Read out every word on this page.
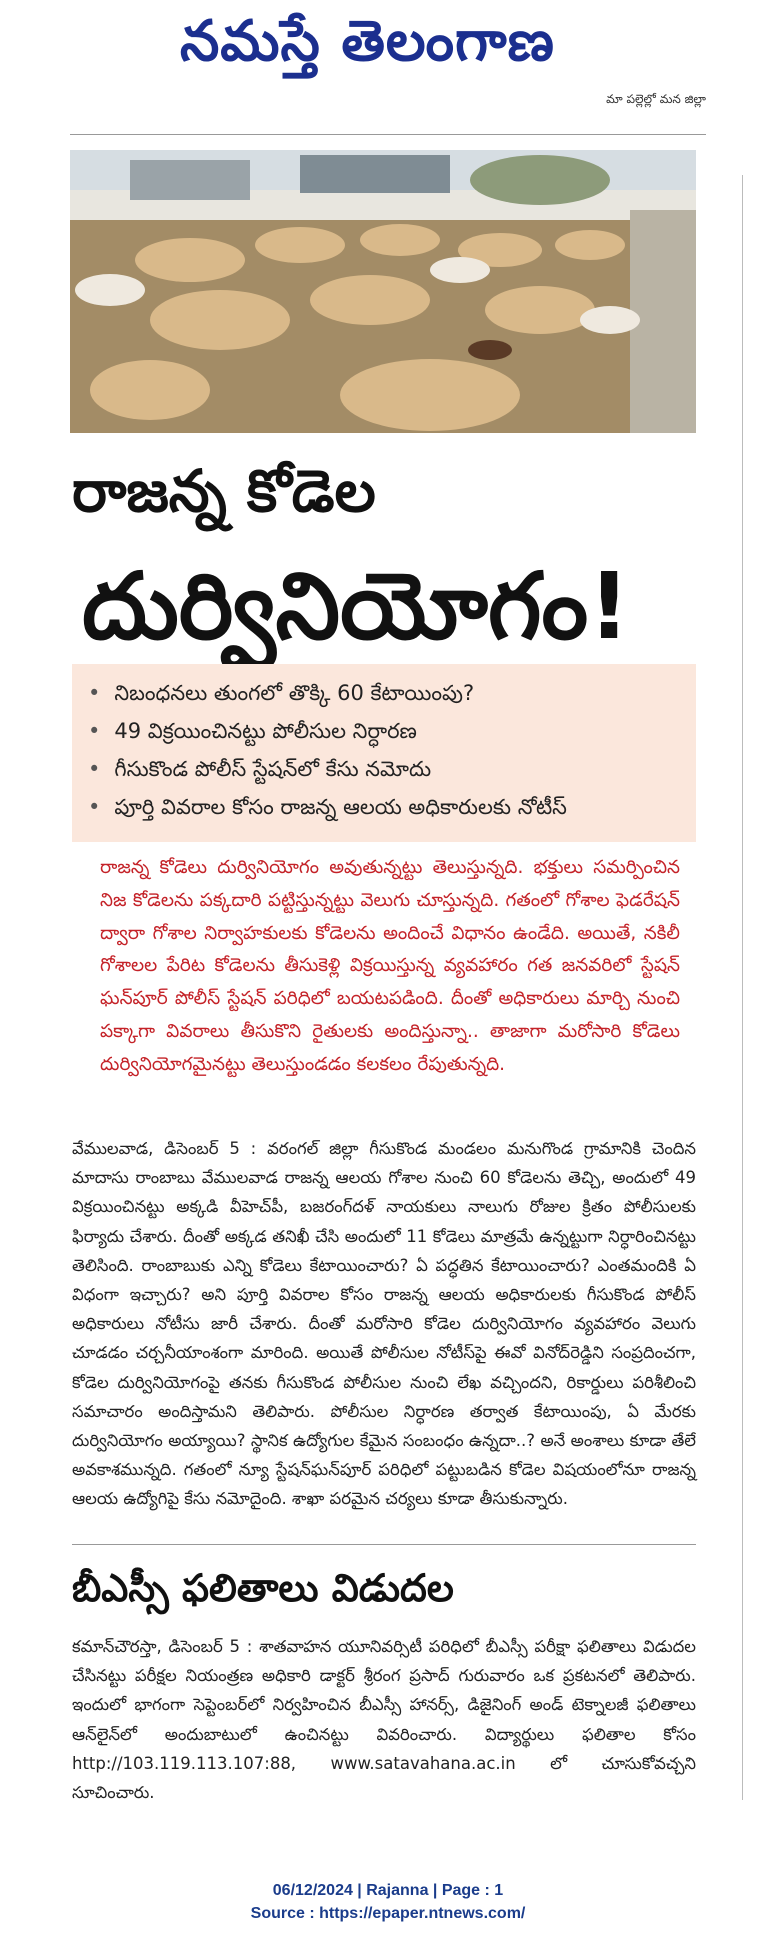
నమస్తే తెలంగాణ
మా పల్లెల్లో మన జిల్లా
రాజన్న కోడెల
దుర్వినియోగం!
• నిబంధనలు తుంగలో తొక్కి 60 కేటాయింపు?
• 49 విక్రయించినట్టు పోలీసుల నిర్ధారణ
• గీసుకొండ పోలీస్ స్టేషన్‌లో కేసు నమోదు
• పూర్తి వివరాల కోసం రాజన్న ఆలయ అధికారులకు నోటీస్
రాజన్న కోడెలు దుర్వినియోగం అవుతున్నట్టు తెలుస్తున్నది. భక్తులు సమర్పించిన నిజ కోడెలను పక్కదారి పట్టిస్తున్నట్టు వెలుగు చూస్తున్నది. గతంలో గోశాల ఫెడరేషన్ ద్వారా గోశాల నిర్వాహకులకు కోడెలను అందించే విధానం ఉండేది. అయితే, నకిలీ గోశాలల పేరిట కోడెలను తీసుకెళ్లి విక్రయిస్తున్న వ్యవహారం గత జనవరిలో స్టేషన్ ఘన్‌పూర్ పోలీస్ స్టేషన్ పరిధిలో బయటపడింది. దీంతో అధికారులు మార్చి నుంచి పక్కాగా వివరాలు తీసుకొని రైతులకు అందిస్తున్నా.. తాజాగా మరోసారి కోడెలు దుర్వినియోగమైనట్టు తెలుస్తుండడం కలకలం రేపుతున్నది.
వేములవాడ, డిసెంబర్ 5 : వరంగల్ జిల్లా గీసుకొండ మండలం మనుగొండ గ్రామానికి చెందిన మాదాసు రాంబాబు వేములవాడ రాజన్న ఆలయ గోశాల నుంచి 60 కోడెలను తెచ్చి, అందులో 49 విక్రయించినట్టు అక్కడి వీహెచ్‌పీ, బజరంగ్‌దళ్ నాయకులు నాలుగు రోజుల క్రితం పోలీసులకు ఫిర్యాదు చేశారు. దీంతో అక్కడ తనిఖీ చేసి అందులో 11 కోడెలు మాత్రమే ఉన్నట్టుగా నిర్ధారించినట్టు తెలిసింది. రాంబాబుకు ఎన్ని కోడెలు కేటాయించారు? ఏ పద్ధతిన కేటాయించారు? ఎంతమందికి ఏ విధంగా ఇచ్చారు? అని పూర్తి వివరాల కోసం రాజన్న ఆలయ అధికారులకు గీసుకొండ పోలీస్ అధికారులు నోటీసు జారీ చేశారు. దీంతో మరోసారి కోడెల దుర్వినియోగం వ్యవహారం వెలుగు చూడడం చర్చనీయాంశంగా మారింది. అయితే పోలీసుల నోటీస్‌పై ఈవో వినోద్‌రెడ్డిని సంప్రదించగా, కోడెల దుర్వినియోగంపై తనకు గీసుకొండ పోలీసుల నుంచి లేఖ వచ్చిందని, రికార్డులు పరిశీలించి సమాచారం అందిస్తామని తెలిపారు. పోలీసుల నిర్ధారణ తర్వాత కేటాయింపు, ఏ మేరకు దుర్వినియోగం అయ్యాయి? స్థానిక ఉద్యోగుల కేమైన సంబంధం ఉన్నదా..? అనే అంశాలు కూడా తేలే అవకాశమున్నది. గతంలో న్యూ స్టేషన్‌ఘన్‌పూర్ పరిధిలో పట్టుబడిన కోడెల విషయంలోనూ రాజన్న ఆలయ ఉద్యోగిపై కేసు నమోదైంది. శాఖా పరమైన చర్యలు కూడా తీసుకున్నారు.
బీఎస్సీ ఫలితాలు విడుదల
కమాన్‌చౌరస్తా, డిసెంబర్ 5 : శాతవాహన యూనివర్సిటీ పరిధిలో బీఎస్సీ పరీక్షా ఫలితాలు విడుదల చేసినట్టు పరీక్షల నియంత్రణ అధికారి డాక్టర్ శ్రీరంగ ప్రసాద్ గురువారం ఒక ప్రకటనలో తెలిపారు. ఇందులో భాగంగా సెప్టెంబర్‌లో నిర్వహించిన బీఎస్సీ హానర్స్, డిజైనింగ్ అండ్ టెక్నాలజీ ఫలితాలు ఆన్‌లైన్‌లో అందుబాటులో ఉంచినట్టు వివరించారు. విద్యార్థులు ఫలితాల కోసం http://103.119.113.107:88, www.satavahana.ac.in లో చూసుకోవచ్చని సూచించారు.
06/12/2024 | Rajanna | Page : 1
Source : https://epaper.ntnews.com/
